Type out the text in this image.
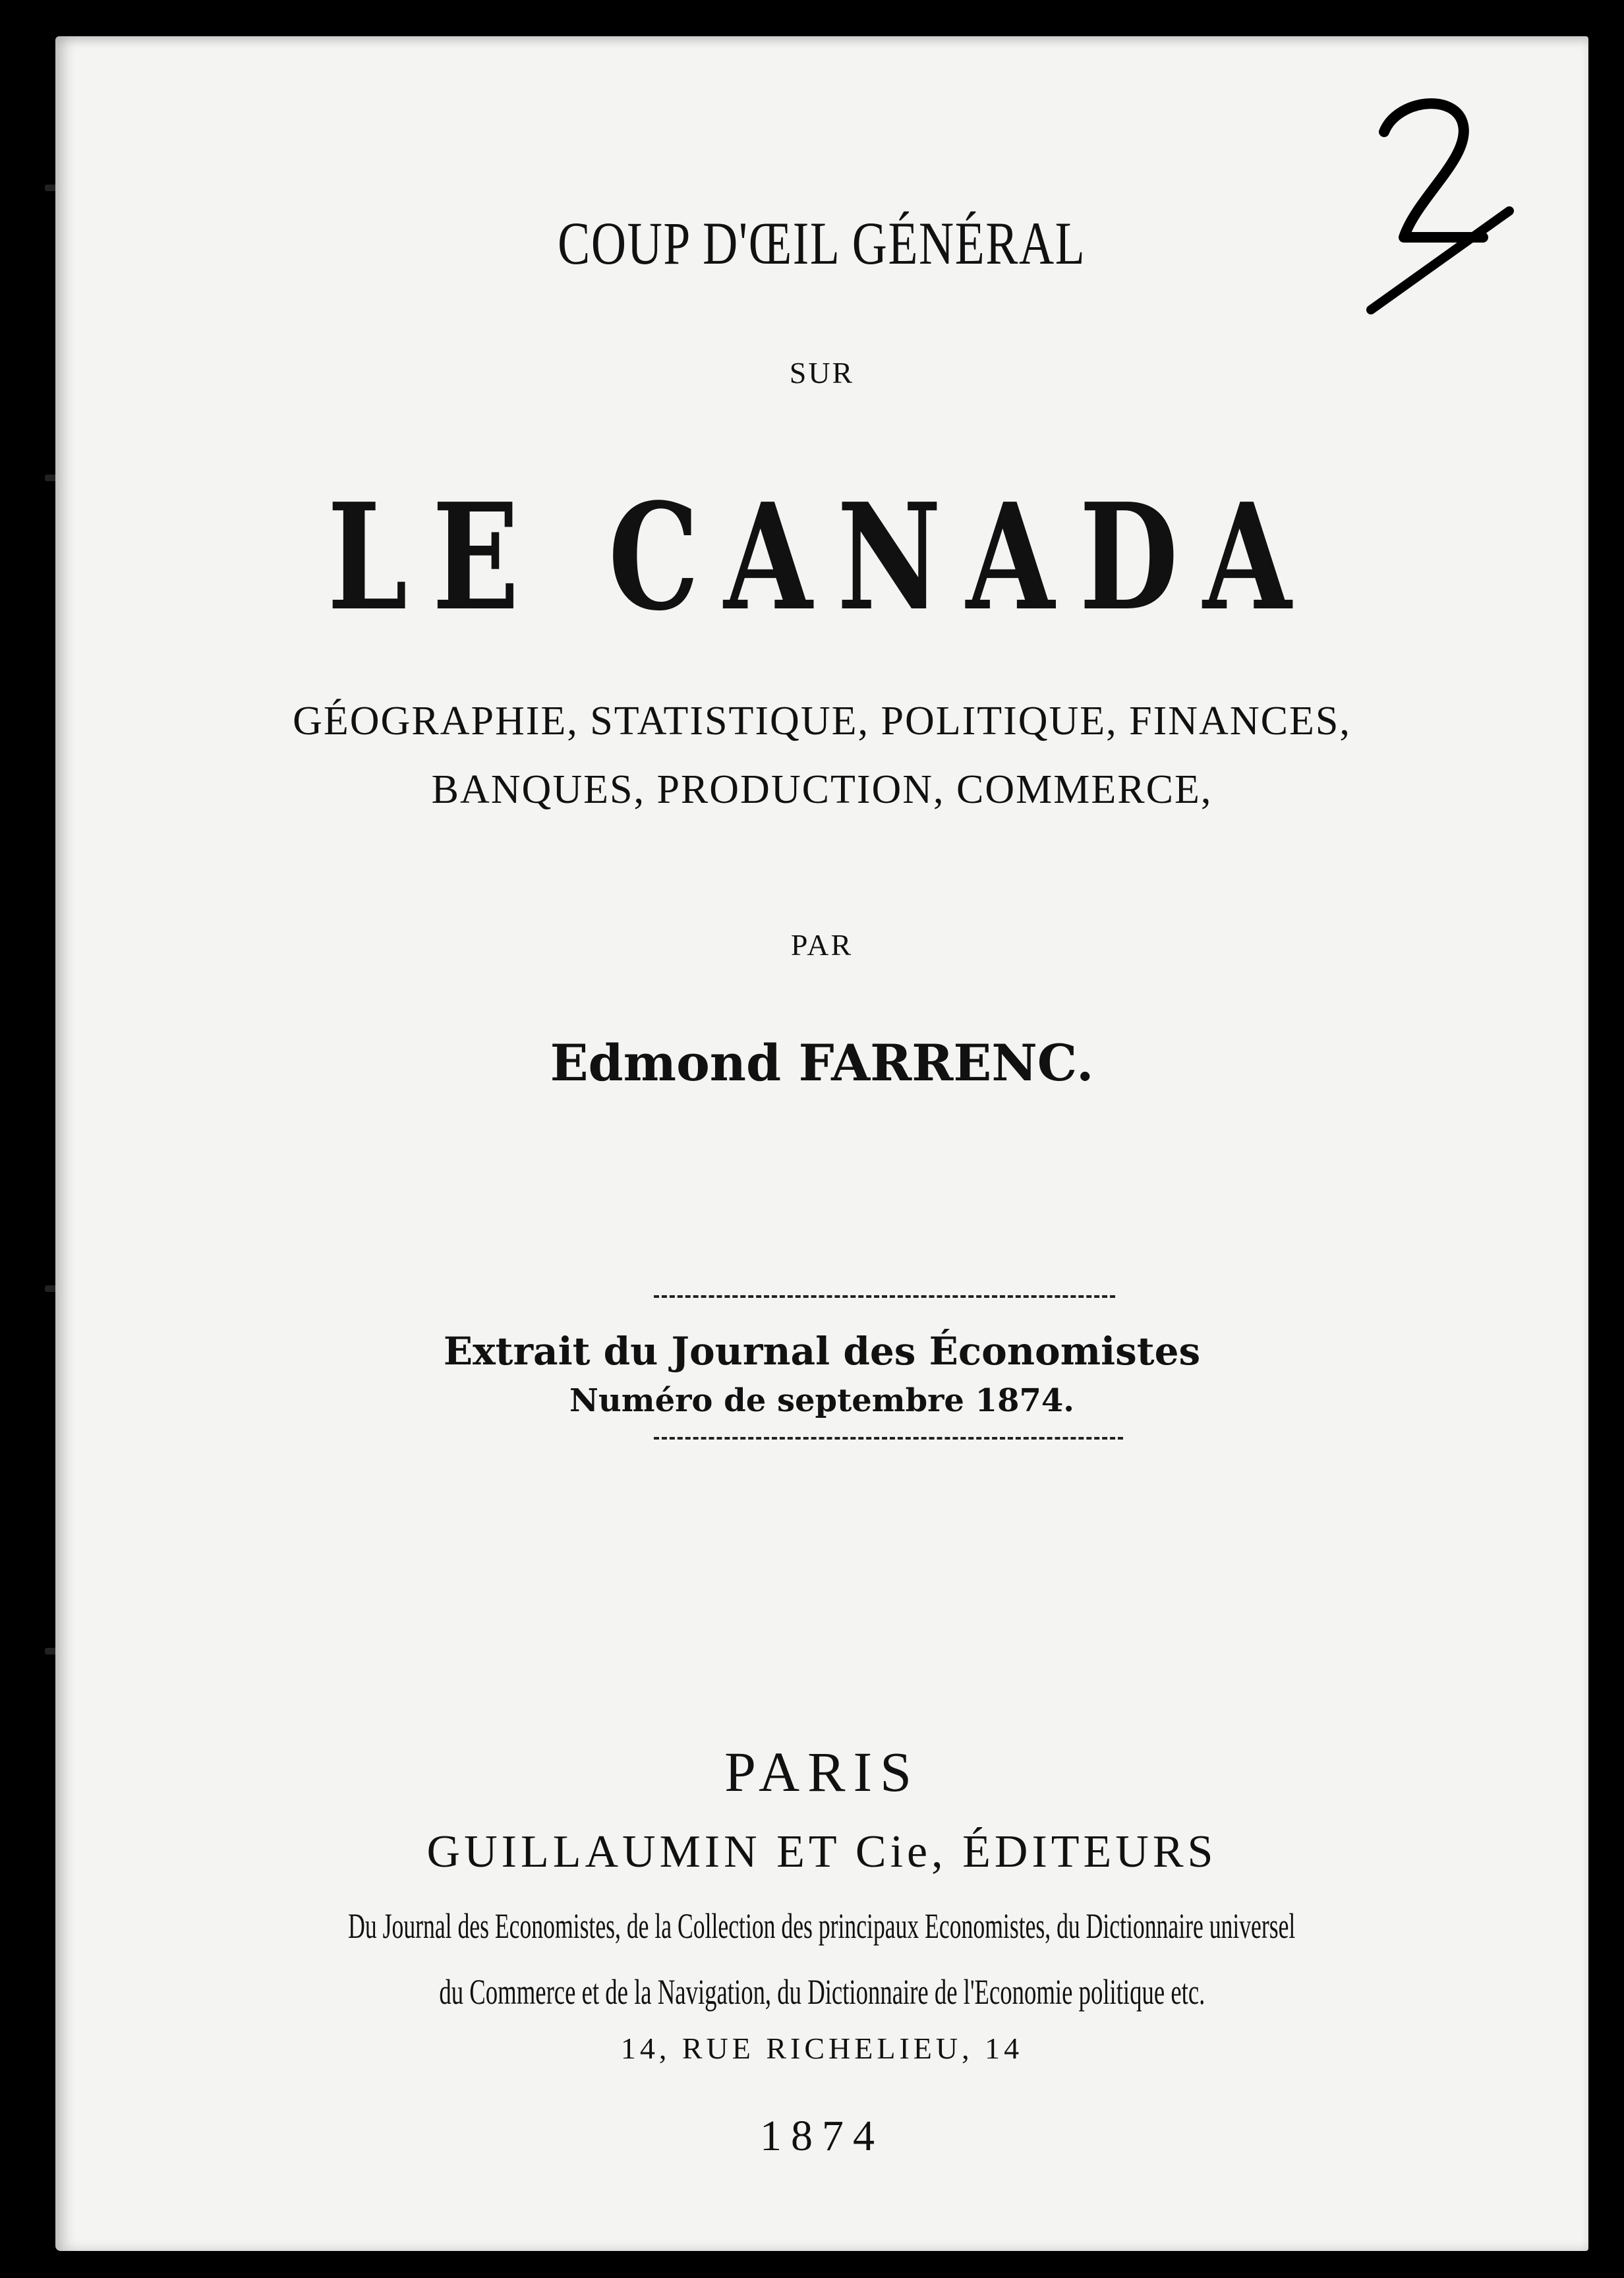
COUP D'ŒIL GÉNÉRAL
SUR
LE CANADA
GÉOGRAPHIE, STATISTIQUE, POLITIQUE, FINANCES,
BANQUES, PRODUCTION, COMMERCE,
PAR
Edmond FARRENC.
Extrait du Journal des Économistes
Numéro de septembre 1874.
PARIS
GUILLAUMIN ET Cie, ÉDITEURS
Du Journal des Economistes, de la Collection des principaux Economistes, du Dictionnaire universel
du Commerce et de la Navigation, du Dictionnaire de l'Economie politique etc.
14, RUE RICHELIEU, 14
1874
